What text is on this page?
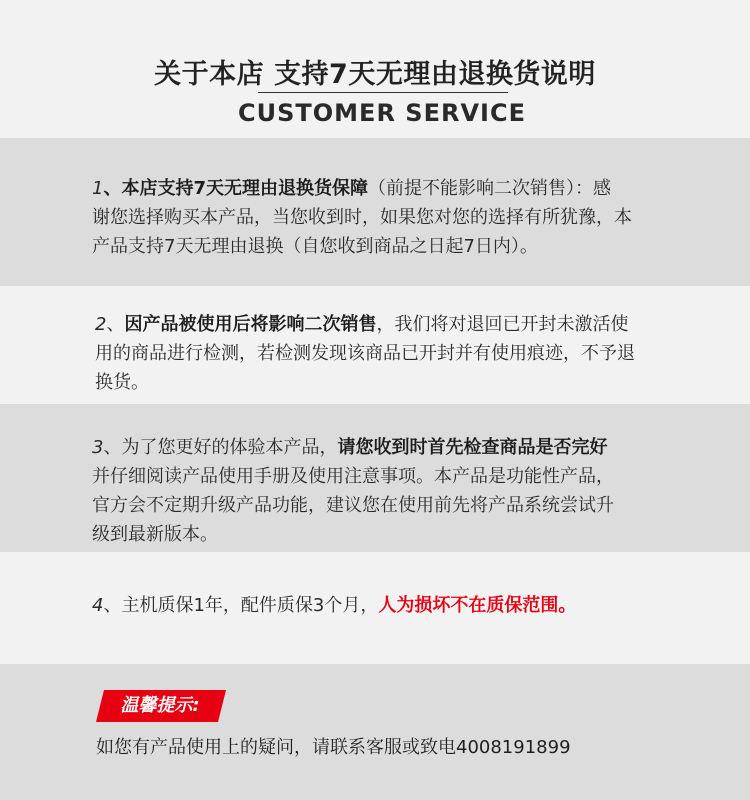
关于本店 支持7天无理由退换货说明
CUSTOMER SERVICE
1、本店支持7天无理由退换货保障（前提不能影响二次销售）：感
谢您选择购买本产品，当您收到时，如果您对您的选择有所犹豫，本
产品支持7天无理由退换（自您收到商品之日起7日内）。
2、因产品被使用后将影响二次销售，我们将对退回已开封未激活使
用的商品进行检测，若检测发现该商品已开封并有使用痕迹，不予退
换货。
3、为了您更好的体验本产品，请您收到时首先检查商品是否完好
并仔细阅读产品使用手册及使用注意事项。本产品是功能性产品，
官方会不定期升级产品功能，建议您在使用前先将产品系统尝试升
级到最新版本。
4、主机质保1年，配件质保3个月，人为损坏不在质保范围。
温馨提示:
如您有产品使用上的疑问，请联系客服或致电4008191899
